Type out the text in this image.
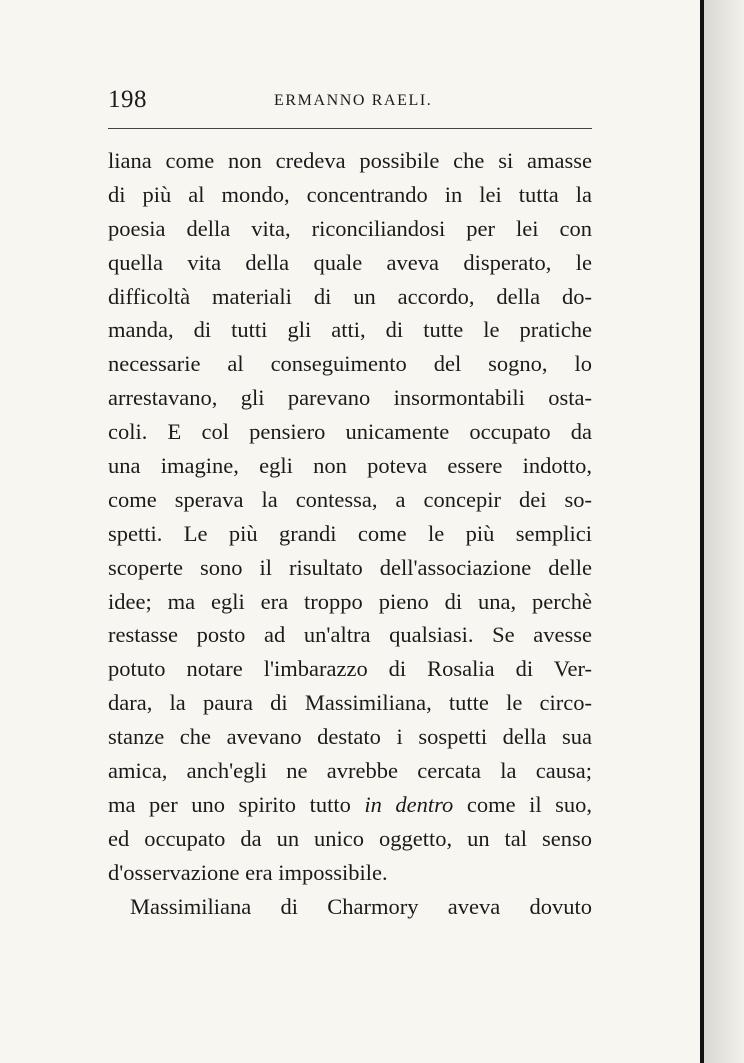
198	ERMANNO RAELI.
liana come non credeva possibile che si amasse
di più al mondo, concentrando in lei tutta la
poesia della vita, riconciliandosi per lei con
quella vita della quale aveva disperato, le
difficoltà materiali di un accordo, della do-
manda, di tutti gli atti, di tutte le pratiche
necessarie al conseguimento del sogno, lo
arrestavano, gli parevano insormontabili osta-
coli. E col pensiero unicamente occupato da
una imagine, egli non poteva essere indotto,
come sperava la contessa, a concepir dei so-
spetti. Le più grandi come le più semplici
scoperte sono il risultato dell'associazione delle
idee; ma egli era troppo pieno di una, perchè
restasse posto ad un'altra qualsiasi. Se avesse
potuto notare l'imbarazzo di Rosalia di Ver-
dara, la paura di Massimiliana, tutte le circo-
stanze che avevano destato i sospetti della sua
amica, anch'egli ne avrebbe cercata la causa;
ma per uno spirito tutto in dentro come il suo,
ed occupato da un unico oggetto, un tal senso
d'osservazione era impossibile.
Massimiliana di Charmory aveva dovuto
